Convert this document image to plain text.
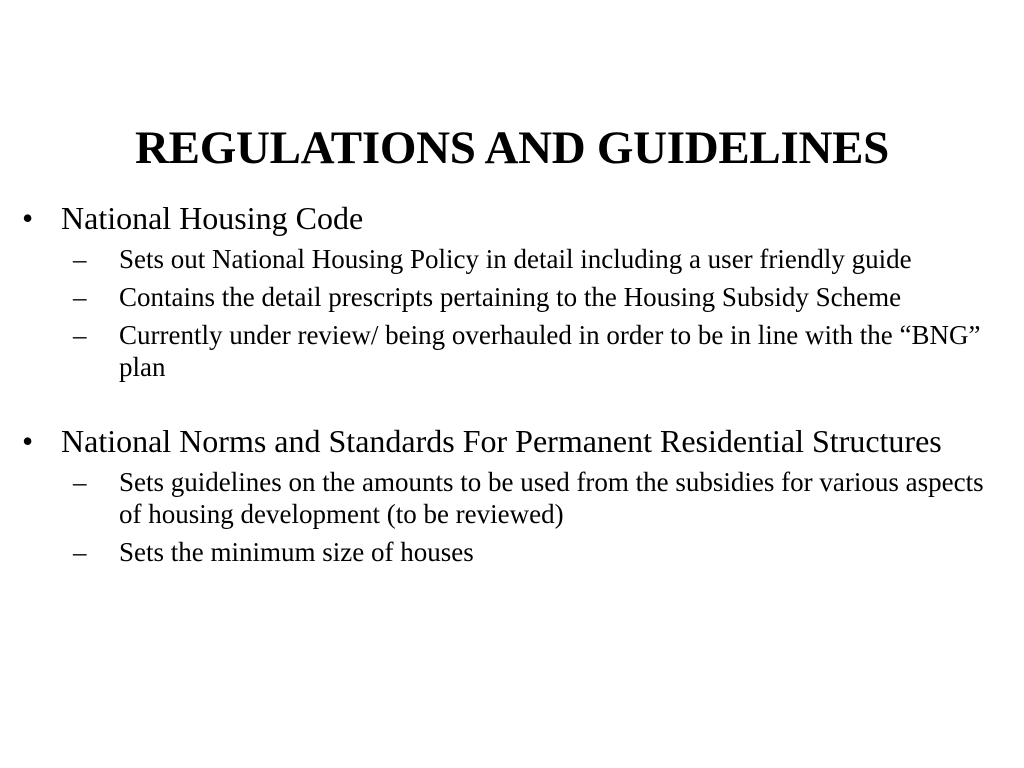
REGULATIONS AND GUIDELINES
• National Housing Code
– Sets out National Housing Policy in detail including a user friendly guide
– Contains the detail prescripts pertaining to the Housing Subsidy Scheme
– Currently under review/ being overhauled in order to be in line with the “BNG” plan
• National Norms and Standards For Permanent Residential Structures
– Sets guidelines on the amounts to be used from the subsidies for various aspects of housing development (to be reviewed)
– Sets the minimum size of houses
